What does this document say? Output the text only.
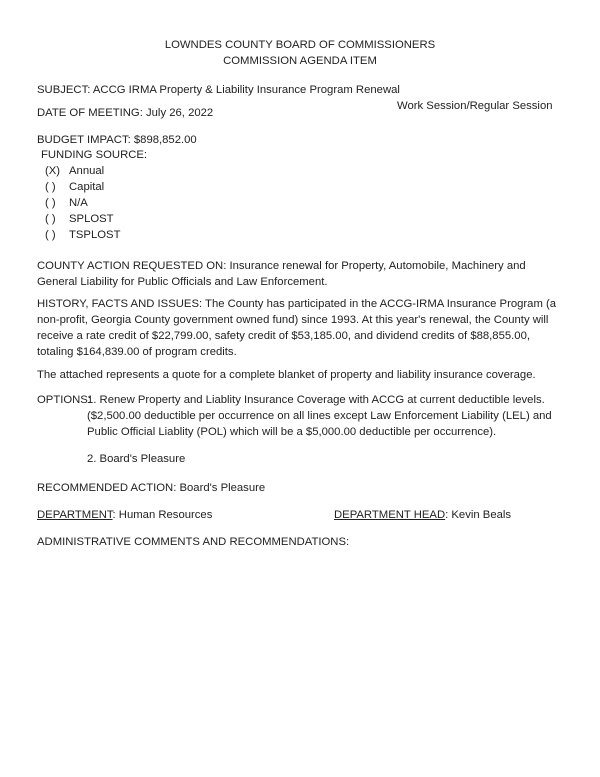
LOWNDES COUNTY BOARD OF COMMISSIONERS
COMMISSION AGENDA ITEM
SUBJECT: ACCG IRMA Property & Liability Insurance Program Renewal
DATE OF MEETING: July 26, 2022
Work Session/Regular Session
BUDGET IMPACT: $898,852.00
FUNDING SOURCE:
(X) Annual
( ) Capital
( ) N/A
( ) SPLOST
( ) TSPLOST
COUNTY ACTION REQUESTED ON: Insurance renewal for Property, Automobile, Machinery and General Liability for Public Officials and Law Enforcement.
HISTORY, FACTS AND ISSUES: The County has participated in the ACCG-IRMA Insurance Program (a non-profit, Georgia County government owned fund) since 1993. At this year's renewal, the County will receive a rate credit of $22,799.00, safety credit of $53,185.00, and dividend credits of $88,855.00, totaling $164,839.00 of program credits.
The attached represents a quote for a complete blanket of property and liability insurance coverage.
OPTIONS:
1. Renew Property and Liablity Insurance Coverage with ACCG at current deductible levels. ($2,500.00 deductible per occurrence on all lines except Law Enforcement Liability (LEL) and Public Official Liablity (POL) which will be a $5,000.00 deductible per occurrence).
2. Board's Pleasure
RECOMMENDED ACTION: Board's Pleasure
DEPARTMENT: Human Resources	DEPARTMENT HEAD: Kevin Beals
ADMINISTRATIVE COMMENTS AND RECOMMENDATIONS:
